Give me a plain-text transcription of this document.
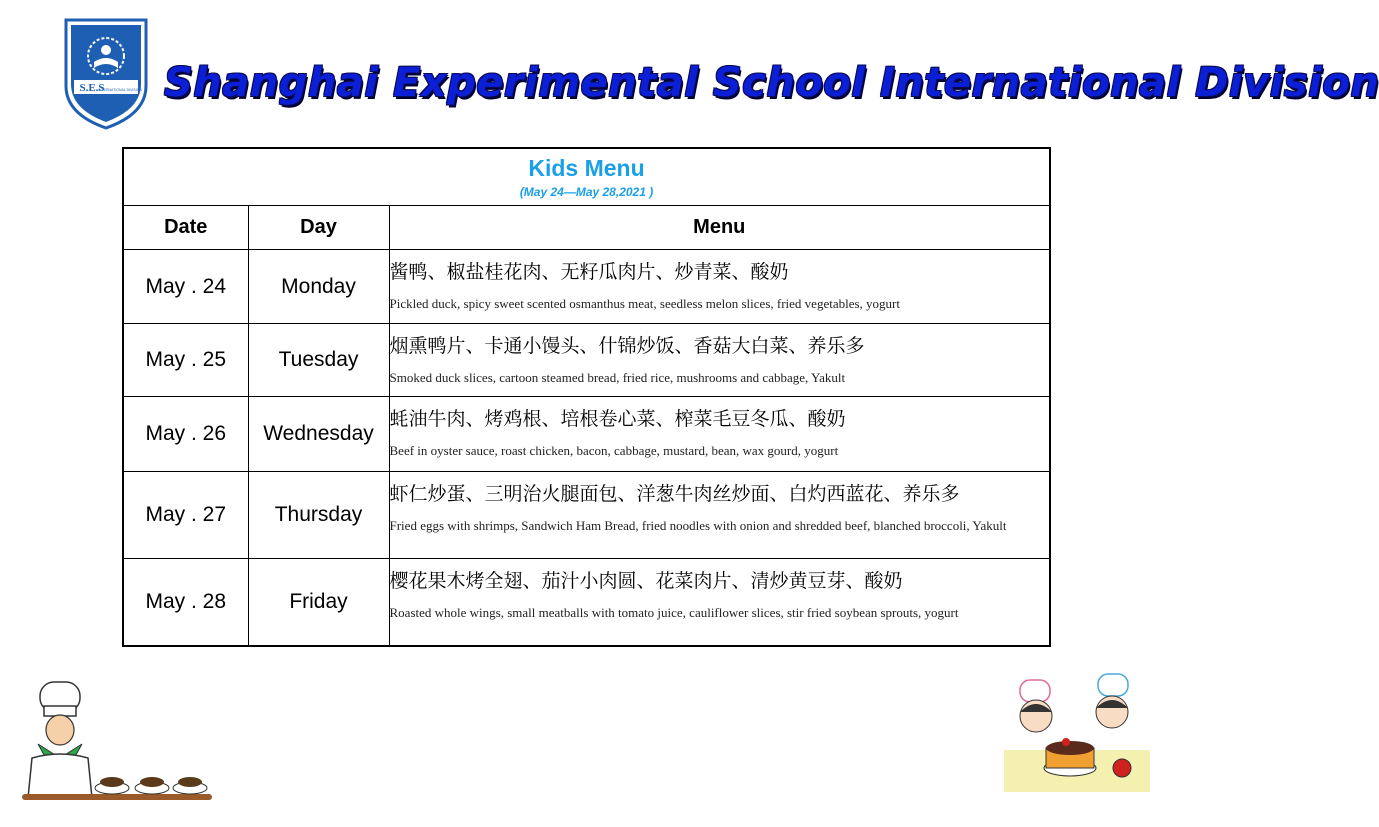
S.E.S
INTERNATIONAL DIVISION Shanghai Experimental School International Division
Kids Menu
(May 24—May 28,2021 )		

Date	Day	Menu
May . 24	Monday	酱鸭、椒盐桂花肉、无籽瓜肉片、炒青菜、酸奶
Pickled duck, spicy sweet scented osmanthus meat, seedless melon slices, fried vegetables, yogurt

May . 25	Tuesday	烟熏鸭片、卡通小馒头、什锦炒饭、香菇大白菜、养乐多
Smoked duck slices, cartoon steamed bread, fried rice, mushrooms and cabbage, Yakult

May . 26	Wednesday	蚝油牛肉、烤鸡根、培根卷心菜、榨菜毛豆冬瓜、酸奶
Beef in oyster sauce, roast chicken, bacon, cabbage, mustard, bean, wax gourd, yogurt

May . 27	Thursday	虾仁炒蛋、三明治火腿面包、洋葱牛肉丝炒面、白灼西蓝花、养乐多
Fried eggs with shrimps, Sandwich Ham Bread, fried noodles with onion and shredded beef, blanched broccoli, Yakult

May . 28	Friday	樱花果木烤全翅、茄汁小肉圆、花菜肉片、清炒黄豆芽、酸奶
Roasted whole wings, small meatballs with tomato juice, cauliflower slices, stir fried soybean sprouts, yogurt
